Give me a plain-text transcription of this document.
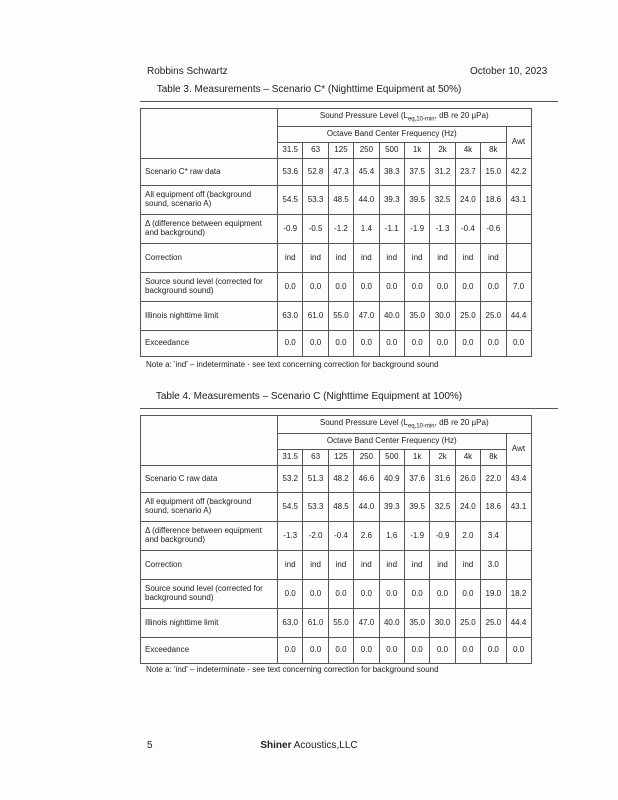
Robbins Schwartz	October 10, 2023
Table 3. Measurements – Scenario C* (Nighttime Equipment at 50%)
	Sound Pressure Level ($L_{eq,10-min}$, dB re 20 µPa)									
	Octave Band Center Frequency (Hz)									Awt
	31.5	63	125	250	500	1k	2k	4k	8k	
Scenario C* raw data	53.6	52.8	47.3	45.4	38.3	37.5	31.2	23.7	15.0	42.2
All equipment off (background sound, scenario A)	54.5	53.3	48.5	44.0	39.3	39.5	32.5	24.0	18.6	43.1
Δ (difference between equipment and background)	-0.9	-0.5	-1.2	1.4	-1.1	-1.9	-1.3	-0.4	-0.6	
Correction	ind	ind	ind	ind	ind	ind	ind	ind	ind	
Source sound level (corrected for background sound)	0.0	0.0	0.0	0.0	0.0	0.0	0.0	0.0	0.0	7.0
Illinois nighttime limit	63.0	61.0	55.0	47.0	40.0	35.0	30.0	25.0	25.0	44.4
Exceedance	0.0	0.0	0.0	0.0	0.0	0.0	0.0	0.0	0.0	0.0
Note a: 'ind' – indeterminate - see text concerning correction for background sound
Table 4. Measurements – Scenario C (Nighttime Equipment at 100%)
	Sound Pressure Level ($L_{eq,10-min}$, dB re 20 µPa)									
	Octave Band Center Frequency (Hz)									Awt
	31.5	63	125	250	500	1k	2k	4k	8k	
Scenario C raw data	53.2	51.3	48.2	46.6	40.9	37.6	31.6	26.0	22.0	43.4
All equipment off (background sound, scenario A)	54.5	53.3	48.5	44.0	39.3	39.5	32.5	24.0	18.6	43.1
Δ (difference between equipment and background)	-1.3	-2.0	-0.4	2.6	1.6	-1.9	-0.9	2.0	3.4	
Correction	ind	ind	ind	ind	ind	ind	ind	ind	3.0	
Source sound level (corrected for background sound)	0.0	0.0	0.0	0.0	0.0	0.0	0.0	0.0	19.0	18.2
Illinois nighttime limit	63.0	61.0	55.0	47.0	40.0	35.0	30.0	25.0	25.0	44.4
Exceedance	0.0	0.0	0.0	0.0	0.0	0.0	0.0	0.0	0.0	0.0
Note a: 'ind' – indeterminate - see text concerning correction for background sound
5	Shiner Acoustics,LLC
